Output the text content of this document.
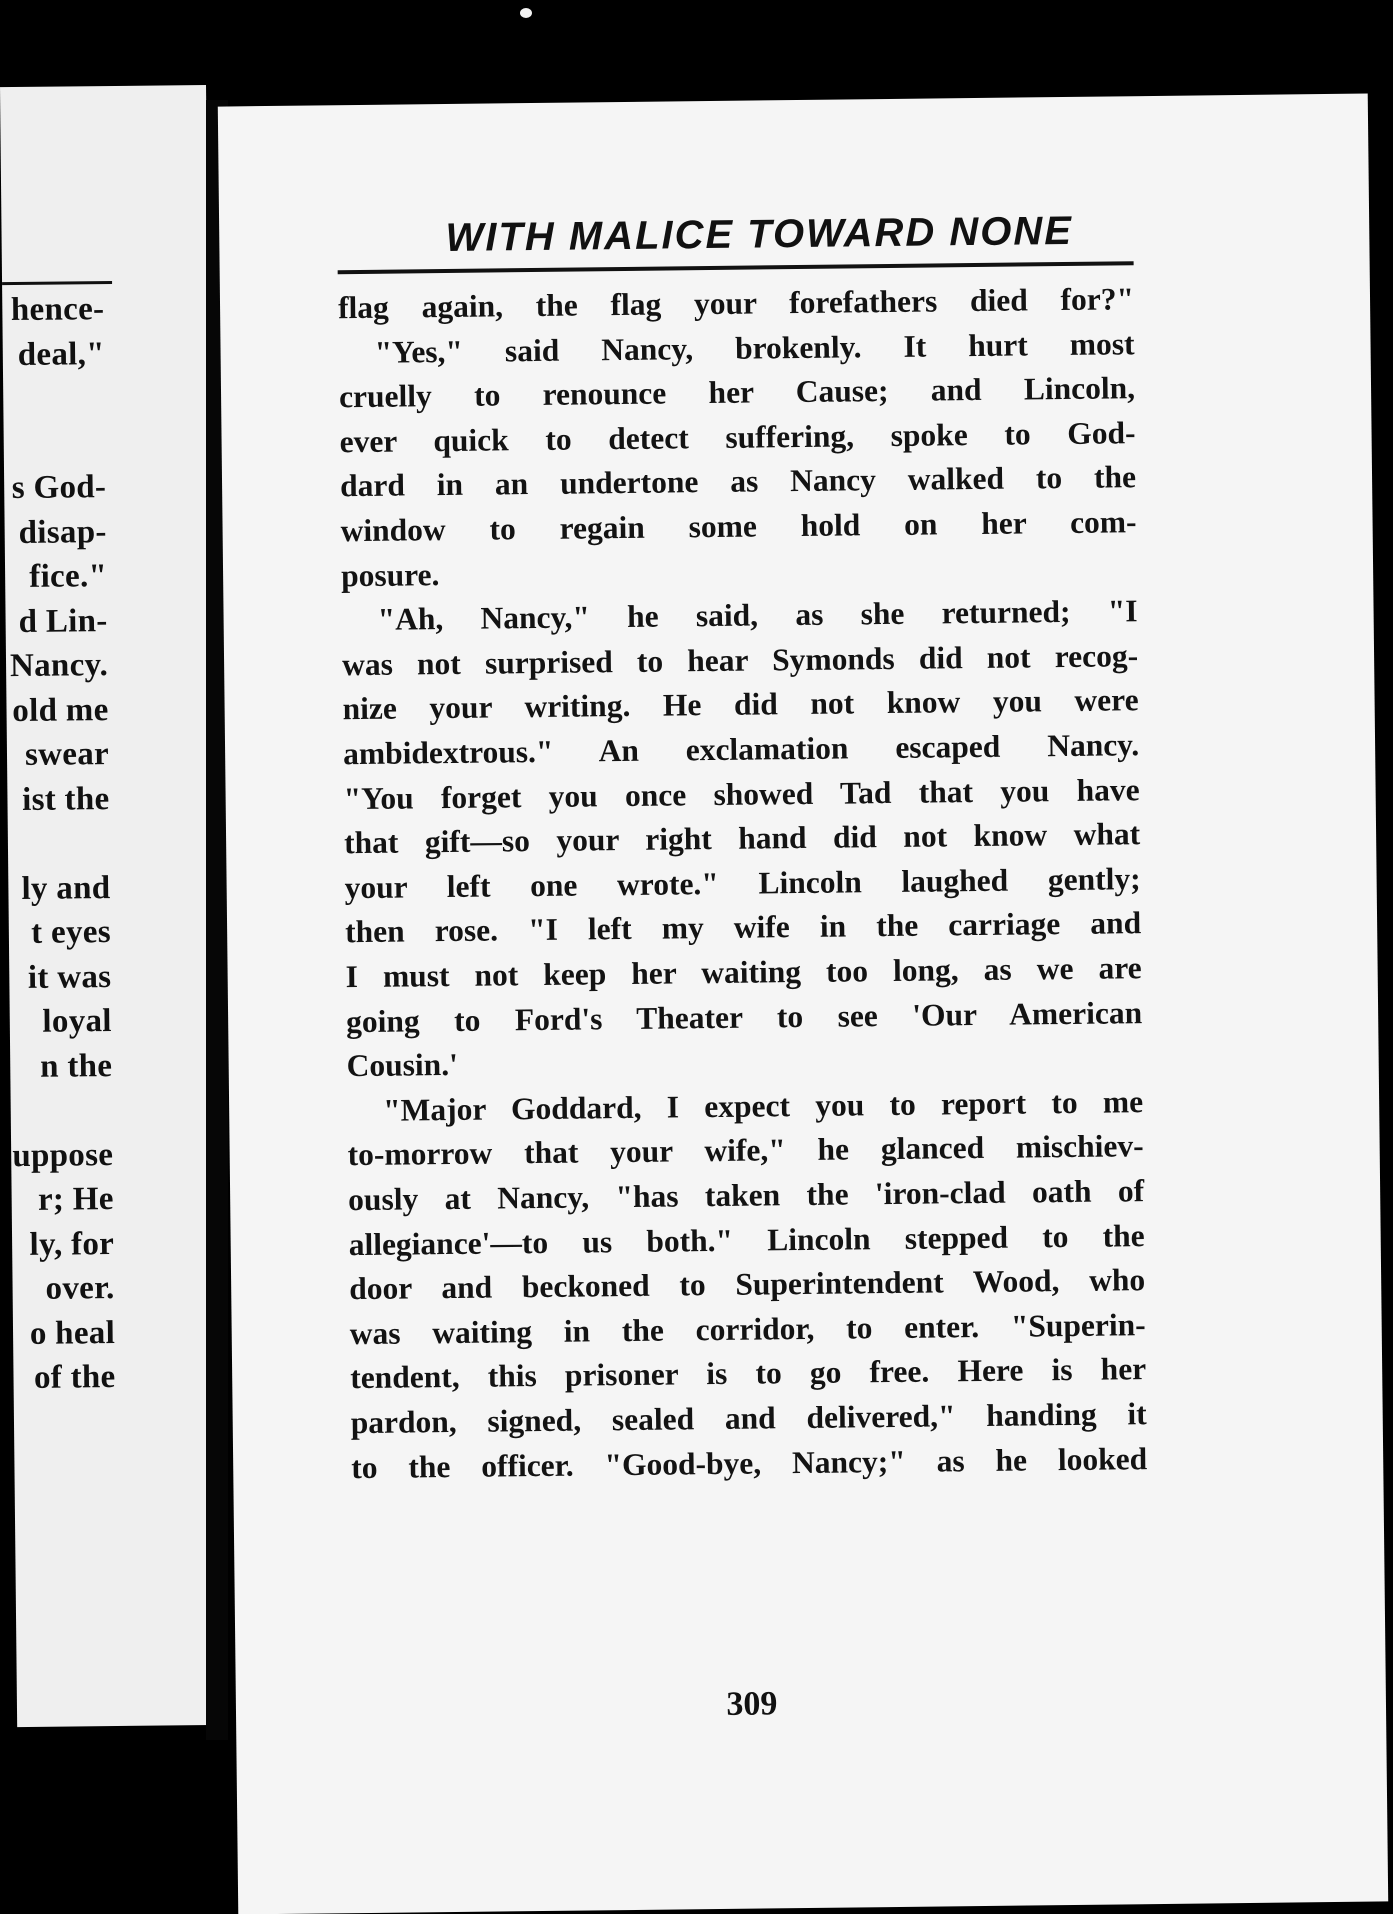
hence-
deal,"
s God-
disap-
fice."
d Lin-
Nancy.
old me
swear
ist the
ly and
t eyes
it was
loyal
n the
uppose
r; He
ly, for
over.
o heal
of the
WITH MALICE TOWARD NONE
309
flag again, the flag your forefathers died for?"
"Yes," said Nancy, brokenly. It hurt most
cruelly to renounce her Cause; and Lincoln,
ever quick to detect suffering, spoke to God-
dard in an undertone as Nancy walked to the
window to regain some hold on her com-
posure.
"Ah, Nancy," he said, as she returned; "I
was not surprised to hear Symonds did not recog-
nize your writing. He did not know you were
ambidextrous." An exclamation escaped Nancy.
"You forget you once showed Tad that you have
that gift—so your right hand did not know what
your left one wrote." Lincoln laughed gently;
then rose. "I left my wife in the carriage and
I must not keep her waiting too long, as we are
going to Ford's Theater to see 'Our American
Cousin.'
"Major Goddard, I expect you to report to me
to-morrow that your wife," he glanced mischiev-
ously at Nancy, "has taken the 'iron-clad oath of
allegiance'—to us both." Lincoln stepped to the
door and beckoned to Superintendent Wood, who
was waiting in the corridor, to enter. "Superin-
tendent, this prisoner is to go free. Here is her
pardon, signed, sealed and delivered," handing it
to the officer. "Good-bye, Nancy;" as he looked
